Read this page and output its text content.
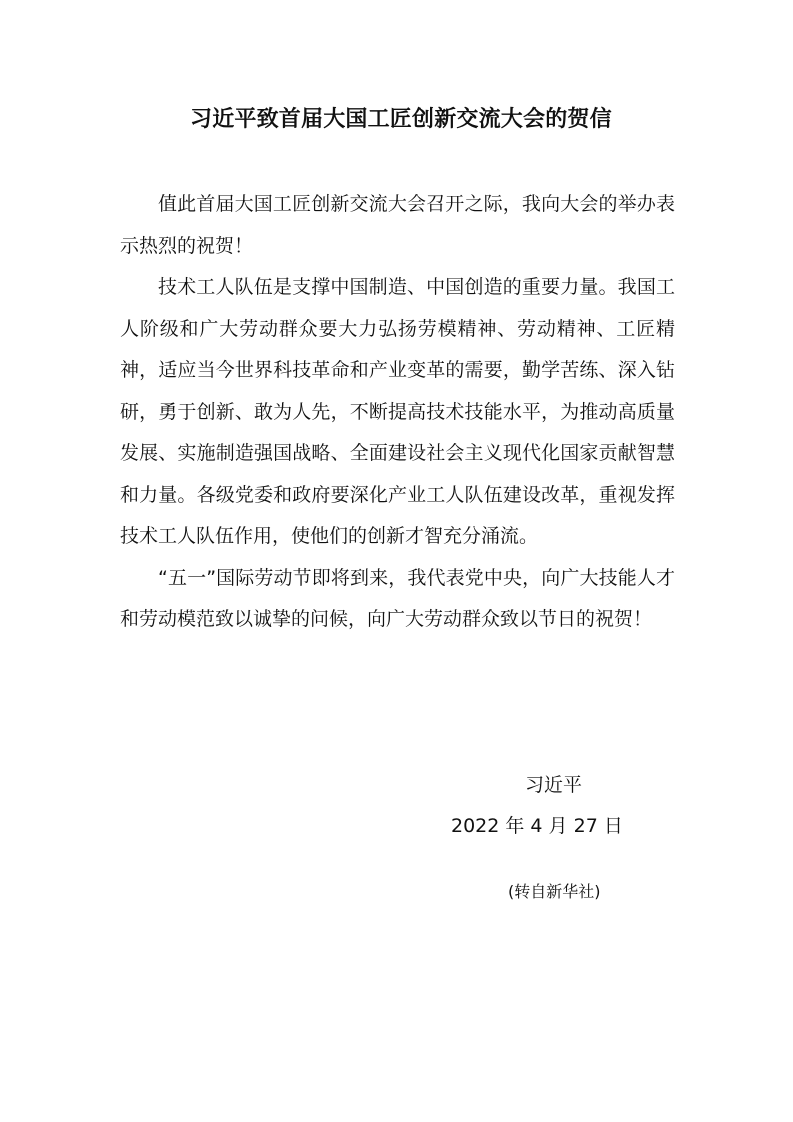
习近平致首届大国工匠创新交流大会的贺信

值此首届大国工匠创新交流大会召开之际，我向大会的举办表示热烈的祝贺！

技术工人队伍是支撑中国制造、中国创造的重要力量。我国工人阶级和广大劳动群众要大力弘扬劳模精神、劳动精神、工匠精神，适应当今世界科技革命和产业变革的需要，勤学苦练、深入钻研，勇于创新、敢为人先，不断提高技术技能水平，为推动高质量发展、实施制造强国战略、全面建设社会主义现代化国家贡献智慧和力量。各级党委和政府要深化产业工人队伍建设改革，重视发挥技术工人队伍作用，使他们的创新才智充分涌流。

“五一”国际劳动节即将到来，我代表党中央，向广大技能人才和劳动模范致以诚挚的问候，向广大劳动群众致以节日的祝贺！

习近平
2022 年 4 月 27 日
(转自新华社)
